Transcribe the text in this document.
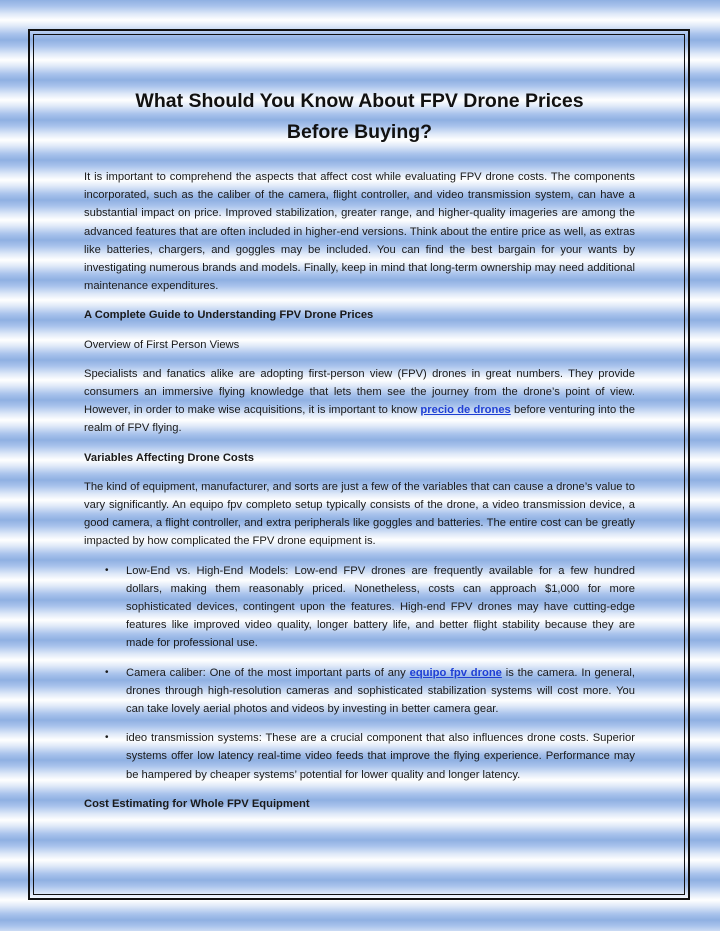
What Should You Know About FPV Drone Prices
Before Buying?

It is important to comprehend the aspects that affect cost while evaluating FPV drone costs. The components incorporated, such as the caliber of the camera, flight controller, and video transmission system, can have a substantial impact on price. Improved stabilization, greater range, and higher-quality imageries are among the advanced features that are often included in higher-end versions. Think about the entire price as well, as extras like batteries, chargers, and goggles may be included. You can find the best bargain for your wants by investigating numerous brands and models. Finally, keep in mind that long-term ownership may need additional maintenance expenditures.

A Complete Guide to Understanding FPV Drone Prices

Overview of First Person Views

Specialists and fanatics alike are adopting first-person view (FPV) drones in great numbers. They provide consumers an immersive flying knowledge that lets them see the journey from the drone’s point of view. However, in order to make wise acquisitions, it is important to know precio de drones before venturing into the realm of FPV flying.

Variables Affecting Drone Costs

The kind of equipment, manufacturer, and sorts are just a few of the variables that can cause a drone’s value to vary significantly. An equipo fpv completo setup typically consists of the drone, a video transmission device, a good camera, a flight controller, and extra peripherals like goggles and batteries. The entire cost can be greatly impacted by how complicated the FPV drone equipment is.

• Low-End vs. High-End Models: Low-end FPV drones are frequently available for a few hundred dollars, making them reasonably priced. Nonetheless, costs can approach $1,000 for more sophisticated devices, contingent upon the features. High-end FPV drones may have cutting-edge features like improved video quality, longer battery life, and better flight stability because they are made for professional use.
• Camera caliber: One of the most important parts of any equipo fpv drone is the camera. In general, drones through high-resolution cameras and sophisticated stabilization systems will cost more. You can take lovely aerial photos and videos by investing in better camera gear.
• ideo transmission systems: These are a crucial component that also influences drone costs. Superior systems offer low latency real-time video feeds that improve the flying experience. Performance may be hampered by cheaper systems’ potential for lower quality and longer latency.

Cost Estimating for Whole FPV Equipment
